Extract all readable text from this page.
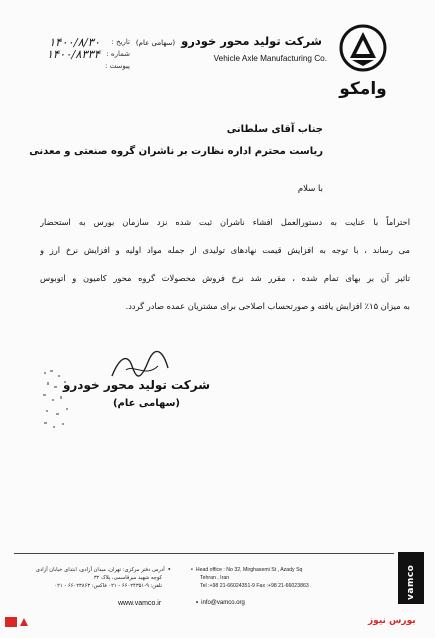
وامکو
شرکت تولید محور خودرو (سهامی عام)
Vehicle Axle Manufacturing Co.
تاریخ :
۱۴۰۰/۸/۳۰
شماره :
۱۴۰۰/۸۳۳۴
پیوست :
جناب آقای سلطانی
ریاست محترم اداره نظارت بر ناشران گروه صنعتی و معدنی
با سلام
احتراماً با عنایت به دستورالعمل افشاء ناشران ثبت شده نزد سازمان بورس به استحضار
می رساند ، با توجه به افزایش قیمت نهادهای تولیدی از جمله مواد اولیه و افزایش نرخ ارز و
تاثیر آن بر بهای تمام شده ، مقرر شد نرخ فروش محصولات گروه محور کامیون و اتوبوس
به میزان ۱۵٪ افزایش یافته و صورتحساب اصلاحی برای مشتریان عمده صادر گردد.
شرکت تولید محور خودرو
(سهامی عام)
• Head office : No 32, Mirghasemi St , Azady Sq
Tehran , Iran
Tel :+98 21-66024351-9 Fax :+98 21-66023863
•آدرس دفتر مرکزی: تهران، میدان آزادی، ابتدای خیابان آزادی
کوچه شهید میرقاسمی، پلاک ۳۲
تلفن: ۹-۶۶۰۲۴۳۵۱ - ۰۲۱ فاکس: ۶۶۰۲۳۸۶۳ - ۰۲۱
www.vamco.ir	• info@vamco.org
vamco
بورس نیوز
